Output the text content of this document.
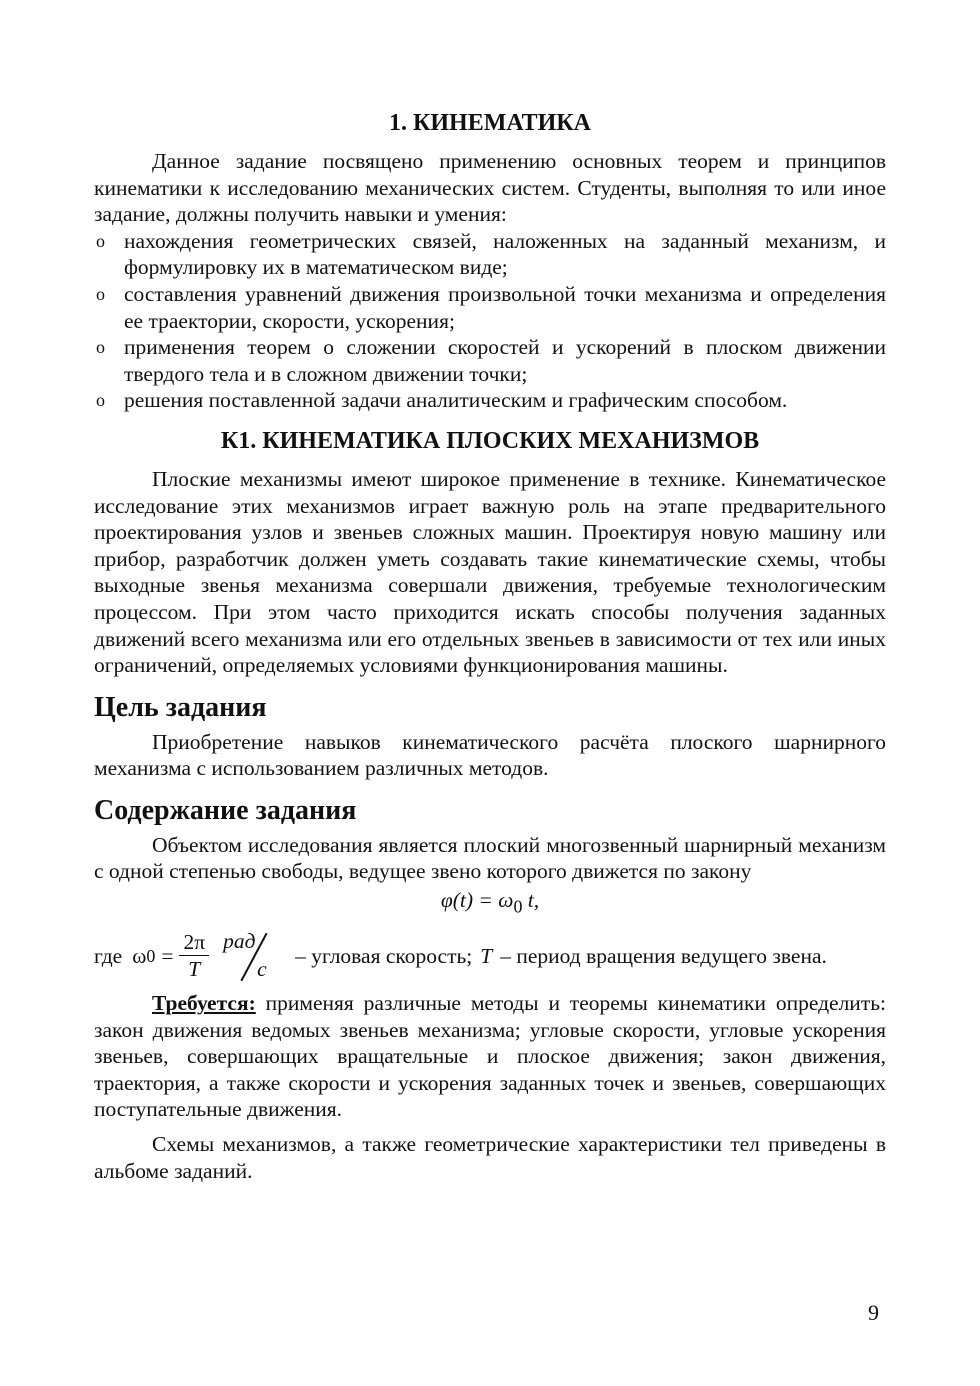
1. КИНЕМАТИКА

Данное задание посвящено применению основных теорем и принципов кинематики к исследованию механических систем. Студенты, выполняя то или иное задание, должны получить навыки и умения:

o нахождения геометрических связей, наложенных на заданный механизм, и формулировку их в математическом виде;
o составления уравнений движения произвольной точки механизма и определения ее траектории, скорости, ускорения;
o применения теорем о сложении скоростей и ускорений в плоском движении твердого тела и в сложном движении точки;
o решения поставленной задачи аналитическим и графическим способом.
К1. КИНЕМАТИКА ПЛОСКИХ МЕХАНИЗМОВ

Плоские механизмы имеют широкое применение в технике. Кинематическое исследование этих механизмов играет важную роль на этапе предварительного проектирования узлов и звеньев сложных машин. Проектируя новую машину или прибор, разработчик должен уметь создавать такие кинематические схемы, чтобы выходные звенья механизма совершали движения, требуемые технологическим процессом. При этом часто приходится искать способы получения заданных движений всего механизма или его отдельных звеньев в зависимости от тех или иных ограничений, определяемых условиями функционирования машины.

Цель задания

Приобретение навыков кинематического расчёта плоского шарнирного механизма с использованием различных методов.

Содержание задания

Объектом исследования является плоский многозвенный шарнирный механизм с одной степенью свободы, ведущее звено которого движется по закону

$\varphi(t) = \omega_0$ t,
где ω $0 = \frac{2\pi}{T}$ рад
с
– угловая скорость; T – период вращения ведущего звена.

Требуется: применяя различные методы и теоремы кинематики определить: закон движения ведомых звеньев механизма; угловые скорости, угловые ускорения звеньев, совершающих вращательные и плоское движения; закон движения, траектория, а также скорости и ускорения заданных точек и звеньев, совершающих поступательные движения.

Схемы механизмов, а также геометрические характеристики тел приведены в альбоме заданий.

9
